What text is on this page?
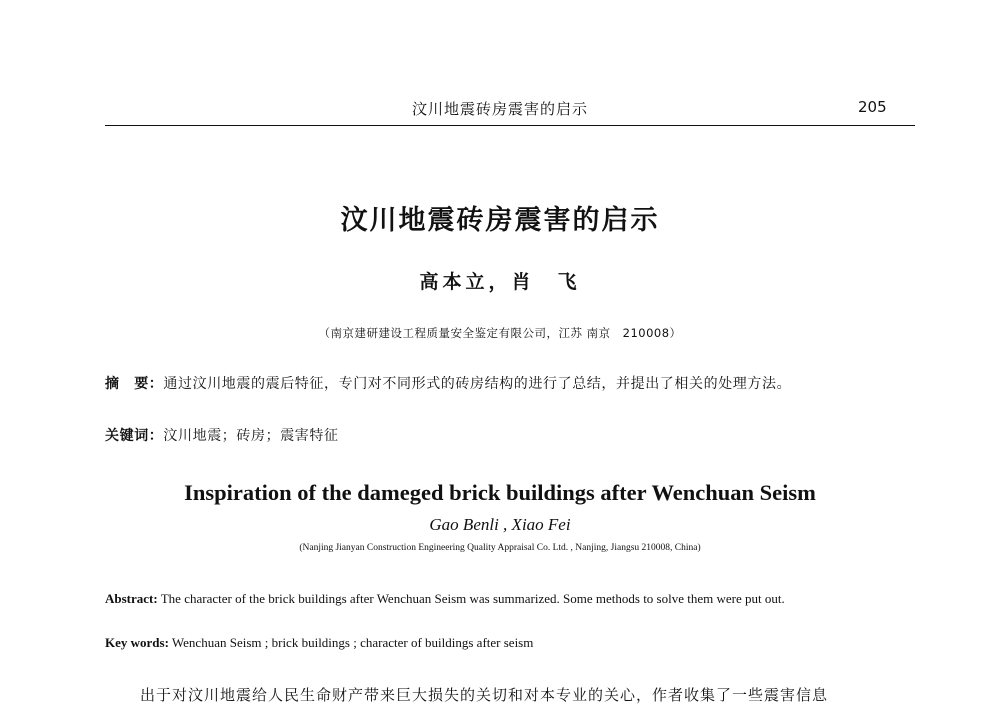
汶川地震砖房震害的启示	205
汶川地震砖房震害的启示
高本立，肖　飞
（南京建研建设工程质量安全鉴定有限公司，江苏 南京　210008）
摘　要：通过汶川地震的震后特征，专门对不同形式的砖房结构的进行了总结，并提出了相关的处理方法。
关键词：汶川地震；砖房；震害特征
Inspiration of the dameged brick buildings after Wenchuan Seism
Gao Benli , Xiao Fei
(Nanjing Jianyan Construction Engineering Quality Appraisal Co. Ltd. , Nanjing, Jiangsu 210008, China)
Abstract: The character of the brick buildings after Wenchuan Seism was summarized. Some methods to solve them were put out.
Key words: Wenchuan Seism ; brick buildings ; character of buildings after seism
出于对汶川地震给人民生命财产带来巨大损失的关切和对本专业的关心，作者收集了一些震害信息
